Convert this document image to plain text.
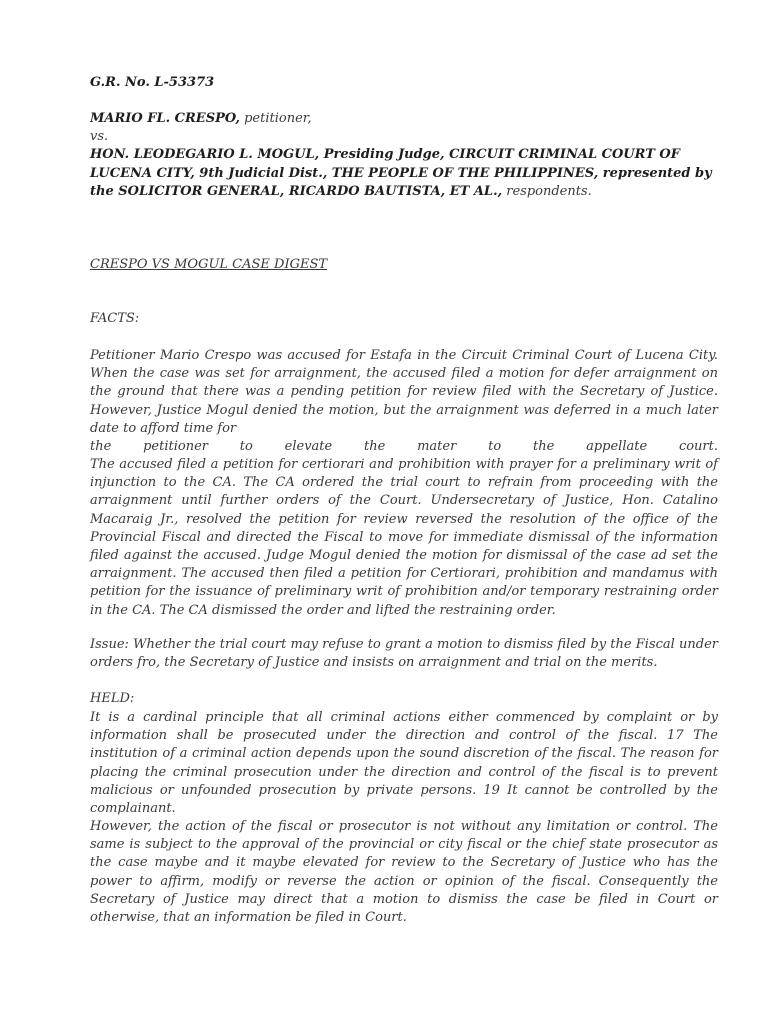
G.R. No. L-53373
MARIO FL. CRESPO, petitioner,
vs.
HON. LEODEGARIO L. MOGUL, Presiding Judge, CIRCUIT CRIMINAL COURT OF LUCENA CITY, 9th Judicial Dist., THE PEOPLE OF THE PHILIPPINES, represented by the SOLICITOR GENERAL, RICARDO BAUTISTA, ET AL., respondents.
CRESPO VS MOGUL CASE DIGEST
FACTS:
Petitioner Mario Crespo was accused for Estafa in the Circuit Criminal Court of Lucena City. When the case was set for arraignment, the accused filed a motion for defer arraignment on the ground that there was a pending petition for review filed with the Secretary of Justice. However, Justice Mogul denied the motion, but the arraignment was deferred in a much later date to afford time for
the petitioner to elevate the mater to the appellate court.
The accused filed a petition for certiorari and prohibition with prayer for a preliminary writ of injunction to the CA. The CA ordered the trial court to refrain from proceeding with the arraignment until further orders of the Court. Undersecretary of Justice, Hon. Catalino Macaraig Jr., resolved the petition for review reversed the resolution of the office of the Provincial Fiscal and directed the Fiscal to move for immediate dismissal of the information filed against the accused. Judge Mogul denied the motion for dismissal of the case ad set the arraignment. The accused then filed a petition for Certiorari, prohibition and mandamus with petition for the issuance of preliminary writ of prohibition and/or temporary restraining order in the CA. The CA dismissed the order and lifted the restraining order.
Issue: Whether the trial court may refuse to grant a motion to dismiss filed by the Fiscal under orders fro, the Secretary of Justice and insists on arraignment and trial on the merits.
HELD:
It is a cardinal principle that all criminal actions either commenced by complaint or by information shall be prosecuted under the direction and control of the fiscal. 17 The institution of a criminal action depends upon the sound discretion of the fiscal. The reason for placing the criminal prosecution under the direction and control of the fiscal is to prevent malicious or unfounded prosecution by private persons. 19 It cannot be controlled by the complainant.
However, the action of the fiscal or prosecutor is not without any limitation or control. The same is subject to the approval of the provincial or city fiscal or the chief state prosecutor as the case maybe and it maybe elevated for review to the Secretary of Justice who has the power to affirm, modify or reverse the action or opinion of the fiscal. Consequently the Secretary of Justice may direct that a motion to dismiss the case be filed in Court or otherwise, that an information be filed in Court.
